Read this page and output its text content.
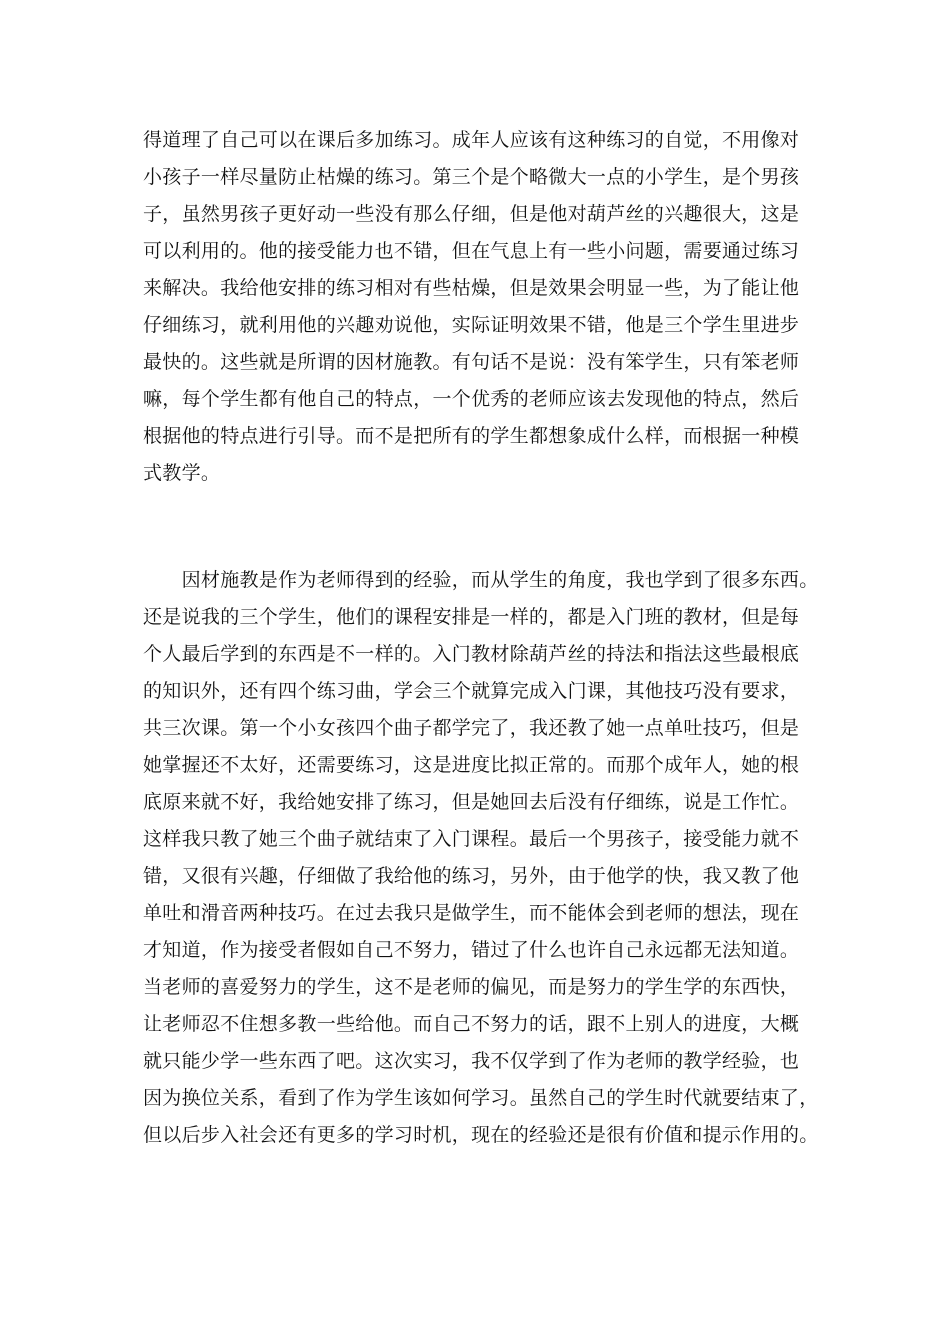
得道理了自己可以在课后多加练习。成年人应该有这种练习的自觉，不用像对
小孩子一样尽量防止枯燥的练习。第三个是个略微大一点的小学生，是个男孩
子，虽然男孩子更好动一些没有那么仔细，但是他对葫芦丝的兴趣很大，这是
可以利用的。他的接受能力也不错，但在气息上有一些小问题，需要通过练习
来解决。我给他安排的练习相对有些枯燥，但是效果会明显一些，为了能让他
仔细练习，就利用他的兴趣劝说他，实际证明效果不错，他是三个学生里进步
最快的。这些就是所谓的因材施教。有句话不是说：没有笨学生，只有笨老师
嘛，每个学生都有他自己的特点，一个优秀的老师应该去发现他的特点，然后
根据他的特点进行引导。而不是把所有的学生都想象成什么样，而根据一种模
式教学。
　　因材施教是作为老师得到的经验，而从学生的角度，我也学到了很多东西。
还是说我的三个学生，他们的课程安排是一样的，都是入门班的教材，但是每
个人最后学到的东西是不一样的。入门教材除葫芦丝的持法和指法这些最根底
的知识外，还有四个练习曲，学会三个就算完成入门课，其他技巧没有要求，
共三次课。第一个小女孩四个曲子都学完了，我还教了她一点单吐技巧，但是
她掌握还不太好，还需要练习，这是进度比拟正常的。而那个成年人，她的根
底原来就不好，我给她安排了练习，但是她回去后没有仔细练，说是工作忙。
这样我只教了她三个曲子就结束了入门课程。最后一个男孩子，接受能力就不
错，又很有兴趣，仔细做了我给他的练习，另外，由于他学的快，我又教了他
单吐和滑音两种技巧。在过去我只是做学生，而不能体会到老师的想法，现在
才知道，作为接受者假如自己不努力，错过了什么也许自己永远都无法知道。
当老师的喜爱努力的学生，这不是老师的偏见，而是努力的学生学的东西快，
让老师忍不住想多教一些给他。而自己不努力的话，跟不上别人的进度，大概
就只能少学一些东西了吧。这次实习，我不仅学到了作为老师的教学经验，也
因为换位关系，看到了作为学生该如何学习。虽然自己的学生时代就要结束了，
但以后步入社会还有更多的学习时机，现在的经验还是很有价值和提示作用的。
